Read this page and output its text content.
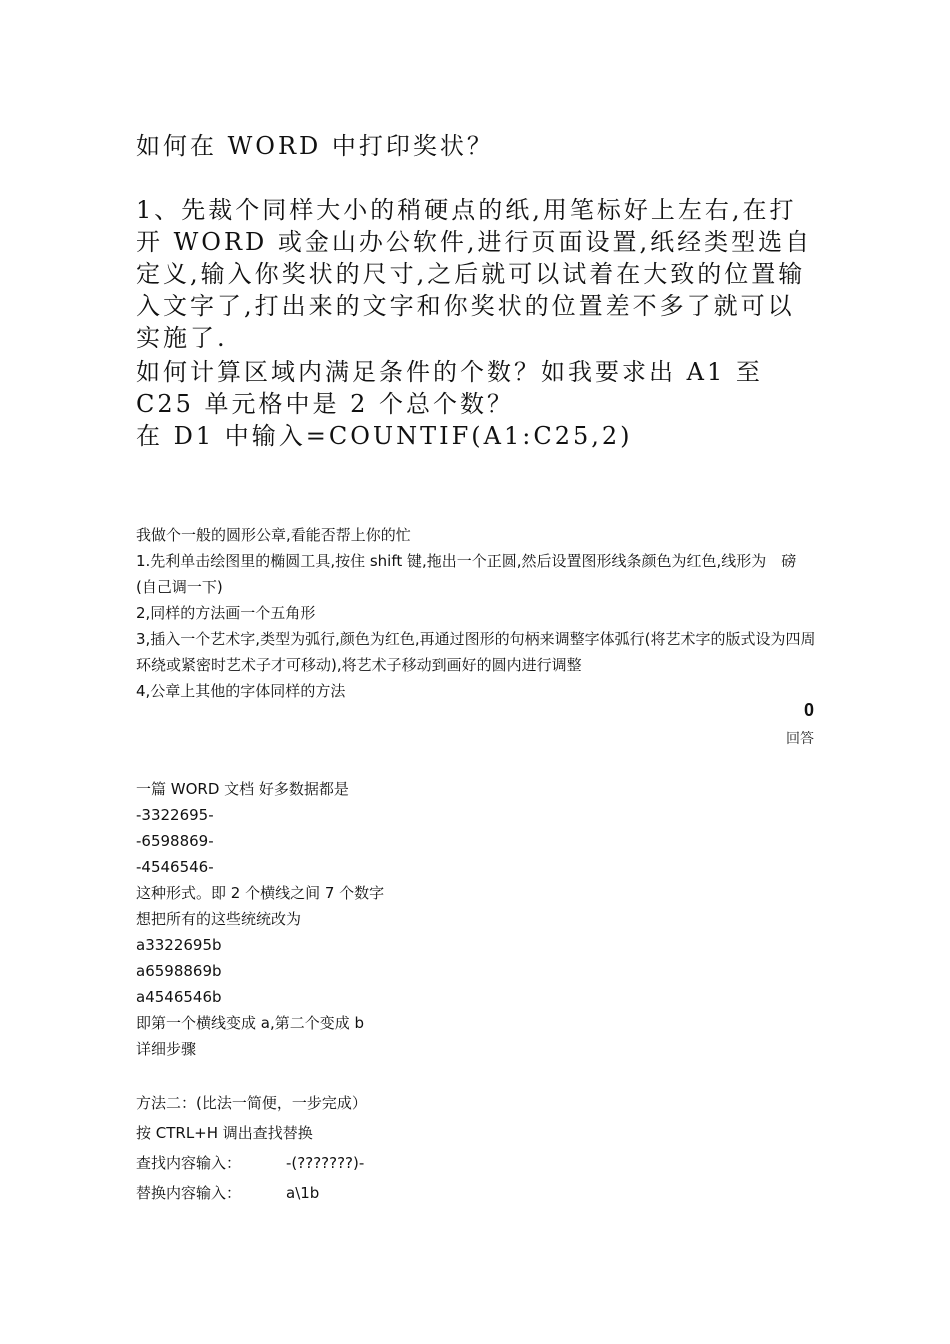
如何在 WORD 中打印奖状？

1、先裁个同样大小的稍硬点的纸,用笔标好上左右,在打开 WORD 或金山办公软件,进行页面设置,纸经类型选自定义,输入你奖状的尺寸,之后就可以试着在大致的位置输入文字了,打出来的文字和你奖状的位置差不多了就可以实施了.

如何计算区域内满足条件的个数？如我要求出 A1 至 C25 单元格中是 2 个总个数？

在 D1 中输入=COUNTIF(A1:C25,2)

我做个一般的圆形公章,看能否帮上你的忙

1.先利单击绘图里的椭圆工具,按住 shift 键,拖出一个正圆,然后设置图形线条颜色为红色,线形为　磅(自己调一下)

2,同样的方法画一个五角形

3,插入一个艺术字,类型为弧行,颜色为红色,再通过图形的句柄来调整字体弧行(将艺术字的版式设为四周环绕或紧密时艺术子才可移动),将艺术子移动到画好的圆内进行调整

4,公章上其他的字体同样的方法

0
回答

一篇 WORD 文档 好多数据都是

-3322695-

-6598869-

-4546546-

这种形式。即 2 个横线之间 7 个数字

想把所有的这些统统改为

a3322695b

a6598869b

a4546546b

即第一个横线变成 a,第二个变成 b

详细步骤

方法二：(比法一简便，一步完成）

按 CTRL+H 调出查找替换

查找内容输入：	-(???????)-
替换内容输入：	a\1b
